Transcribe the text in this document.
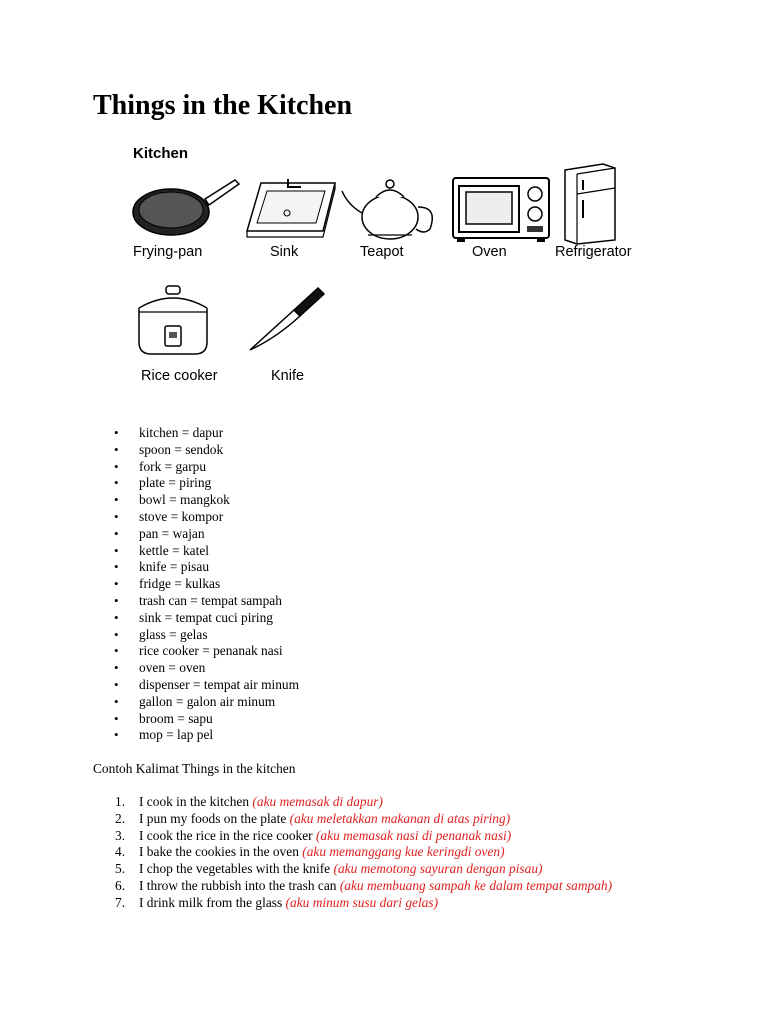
Things in the Kitchen
Kitchen
Frying-pan	Sink	Teapot	Oven	Refrigerator
Rice cooker	Knife
• kitchen = dapur
• spoon = sendok
• fork = garpu
• plate = piring
• bowl = mangkok
• stove = kompor
• pan = wajan
• kettle = katel
• knife = pisau
• fridge = kulkas
• trash can = tempat sampah
• sink = tempat cuci piring
• glass = gelas
• rice cooker = penanak nasi
• oven = oven
• dispenser = tempat air minum
• gallon = galon air minum
• broom = sapu
• mop = lap pel

Contoh Kalimat Things in the kitchen

1. I cook in the kitchen (aku memasak di dapur)
2. I pun my foods on the plate (aku meletakkan makanan di atas piring)
3. I cook the rice in the rice cooker (aku memasak nasi di penanak nasi)
4. I bake the cookies in the oven (aku memanggang kue keringdi oven)
5. I chop the vegetables with the knife (aku memotong sayuran dengan pisau)
6. I throw the rubbish into the trash can (aku membuang sampah ke dalam tempat sampah)
7. I drink milk from the glass (aku minum susu dari gelas)
